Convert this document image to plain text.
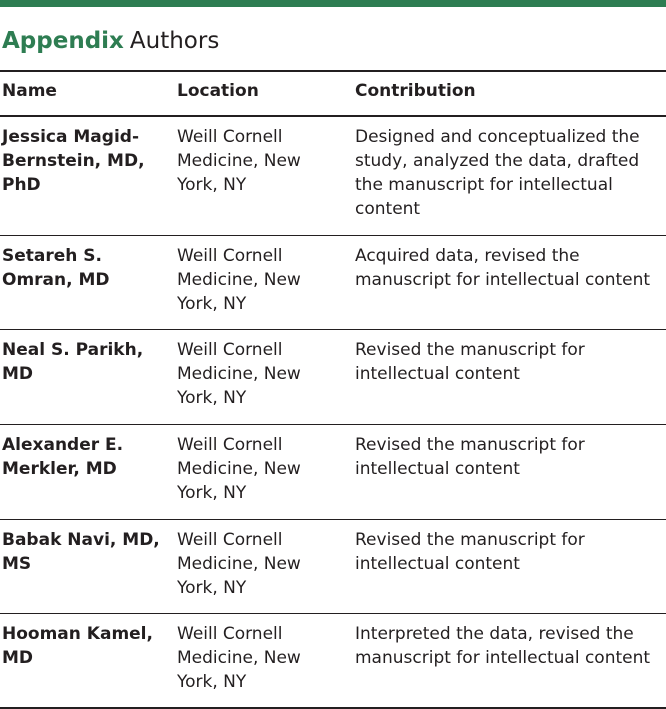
Appendix Authors
Name	Location	Contribution
Jessica Magid-Bernstein, MD, PhD
Weill Cornell Medicine, New York, NY
Designed and conceptualized the study, analyzed the data, drafted the manuscript for intellectual content
Setareh S. Omran, MD
Weill Cornell Medicine, New York, NY
Acquired data, revised the manuscript for intellectual content
Neal S. Parikh, MD
Weill Cornell Medicine, New York, NY
Revised the manuscript for intellectual content
Alexander E. Merkler, MD
Weill Cornell Medicine, New York, NY
Revised the manuscript for intellectual content
Babak Navi, MD, MS
Weill Cornell Medicine, New York, NY
Revised the manuscript for intellectual content
Hooman Kamel, MD
Weill Cornell Medicine, New York, NY
Interpreted the data, revised the manuscript for intellectual content
